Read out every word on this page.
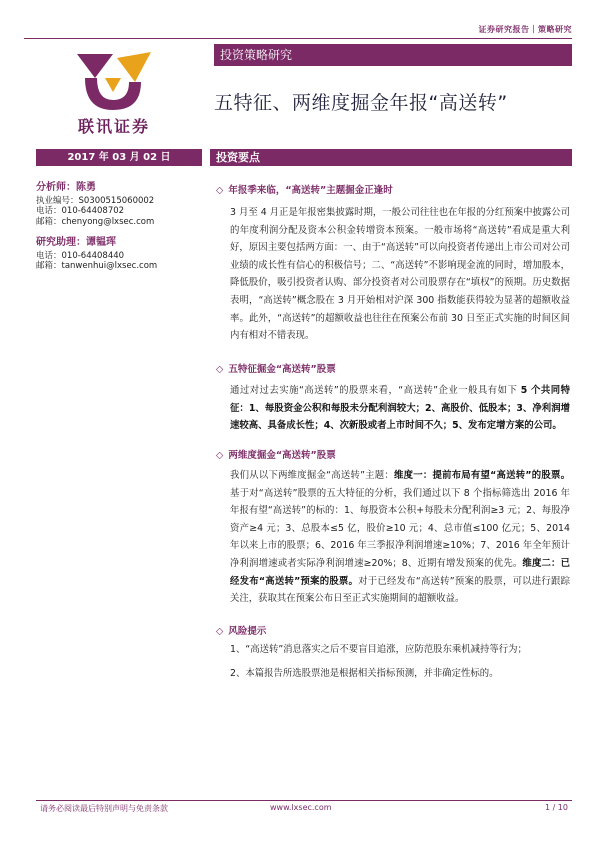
证券研究报告｜策略研究
联讯证券
投资策略研究
五特征、两维度掘金年报“高送转”
2017 年 03 月 02 日	投资要点
分析师：陈勇
执业编号：S0300515060002
电话：010-64408702
邮箱：chenyong@lxsec.com
研究助理：谭韫珲
电话：010-64408440
邮箱：tanwenhui@lxsec.com
◇ 年报季来临，“高送转”主题掘金正逢时
3 月至 4 月正是年报密集披露时期，一般公司往往也在年报的分红预案中披露公司的年度利润分配及资本公积金转增资本预案。一般市场将“高送转”看成是重大利好，原因主要包括两方面：一、由于“高送转”可以向投资者传递出上市公司对公司业绩的成长性有信心的积极信号；二、“高送转”不影响现金流的同时，增加股本，降低股价，吸引投资者认购、部分投资者对公司股票存在“填权”的预期。历史数据表明，“高送转”概念股在 3 月开始相对沪深 300 指数能获得较为显著的超额收益率。此外，“高送转”的超额收益也往往在预案公布前 30 日至正式实施的时间区间内有相对不错表现。
◇ 五特征掘金“高送转”股票
通过对过去实施“高送转”的股票来看，“高送转”企业一般具有如下 5 个共同特征：1、每股资金公积和每股未分配利润较大；2、高股价、低股本；3、净利润增速较高、具备成长性；4、次新股或者上市时间不久；5、发布定增方案的公司。
◇ 两维度掘金“高送转”股票
我们从以下两维度掘金“高送转”主题：维度一：提前布局有望“高送转”的股票。基于对“高送转”股票的五大特征的分析，我们通过以下 8 个指标筛选出 2016 年年报有望“高送转”的标的：1、每股资本公积+每股未分配利润≥3 元；2、每股净资产≥4 元；3、总股本≤5 亿，股价≥10 元；4、总市值≤100 亿元；5、2014 年以来上市的股票；6、2016 年三季报净利润增速≥10%；7、2016 年全年预计净利润增速或者实际净利润增速≥20%；8、近期有增发预案的优先。维度二：已经发布“高送转”预案的股票。对于已经发布“高送转”预案的股票，可以进行跟踪关注，获取其在预案公布日至正式实施期间的超额收益。
◇ 风险提示
1、“高送转”消息落实之后不要盲目追涨，应防范股东乘机减持等行为；
2、本篇报告所选股票池是根据相关指标预测，并非确定性标的。
请务必阅读最后特别声明与免责条款	www.lxsec.com	1 / 10
